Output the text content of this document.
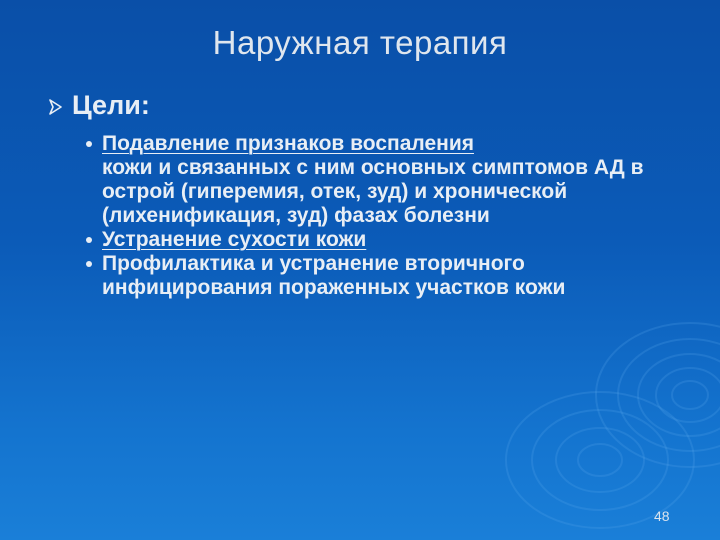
Наружная терапия
Цели:
Подавление признаков воспаления
кожи и связанных с ним основных симптомов АД в острой (гиперемия, отек, зуд) и хронической (лихенификация, зуд) фазах болезни
Устранение сухости кожи
Профилактика и устранение вторичного инфицирования пораженных участков кожи
48
